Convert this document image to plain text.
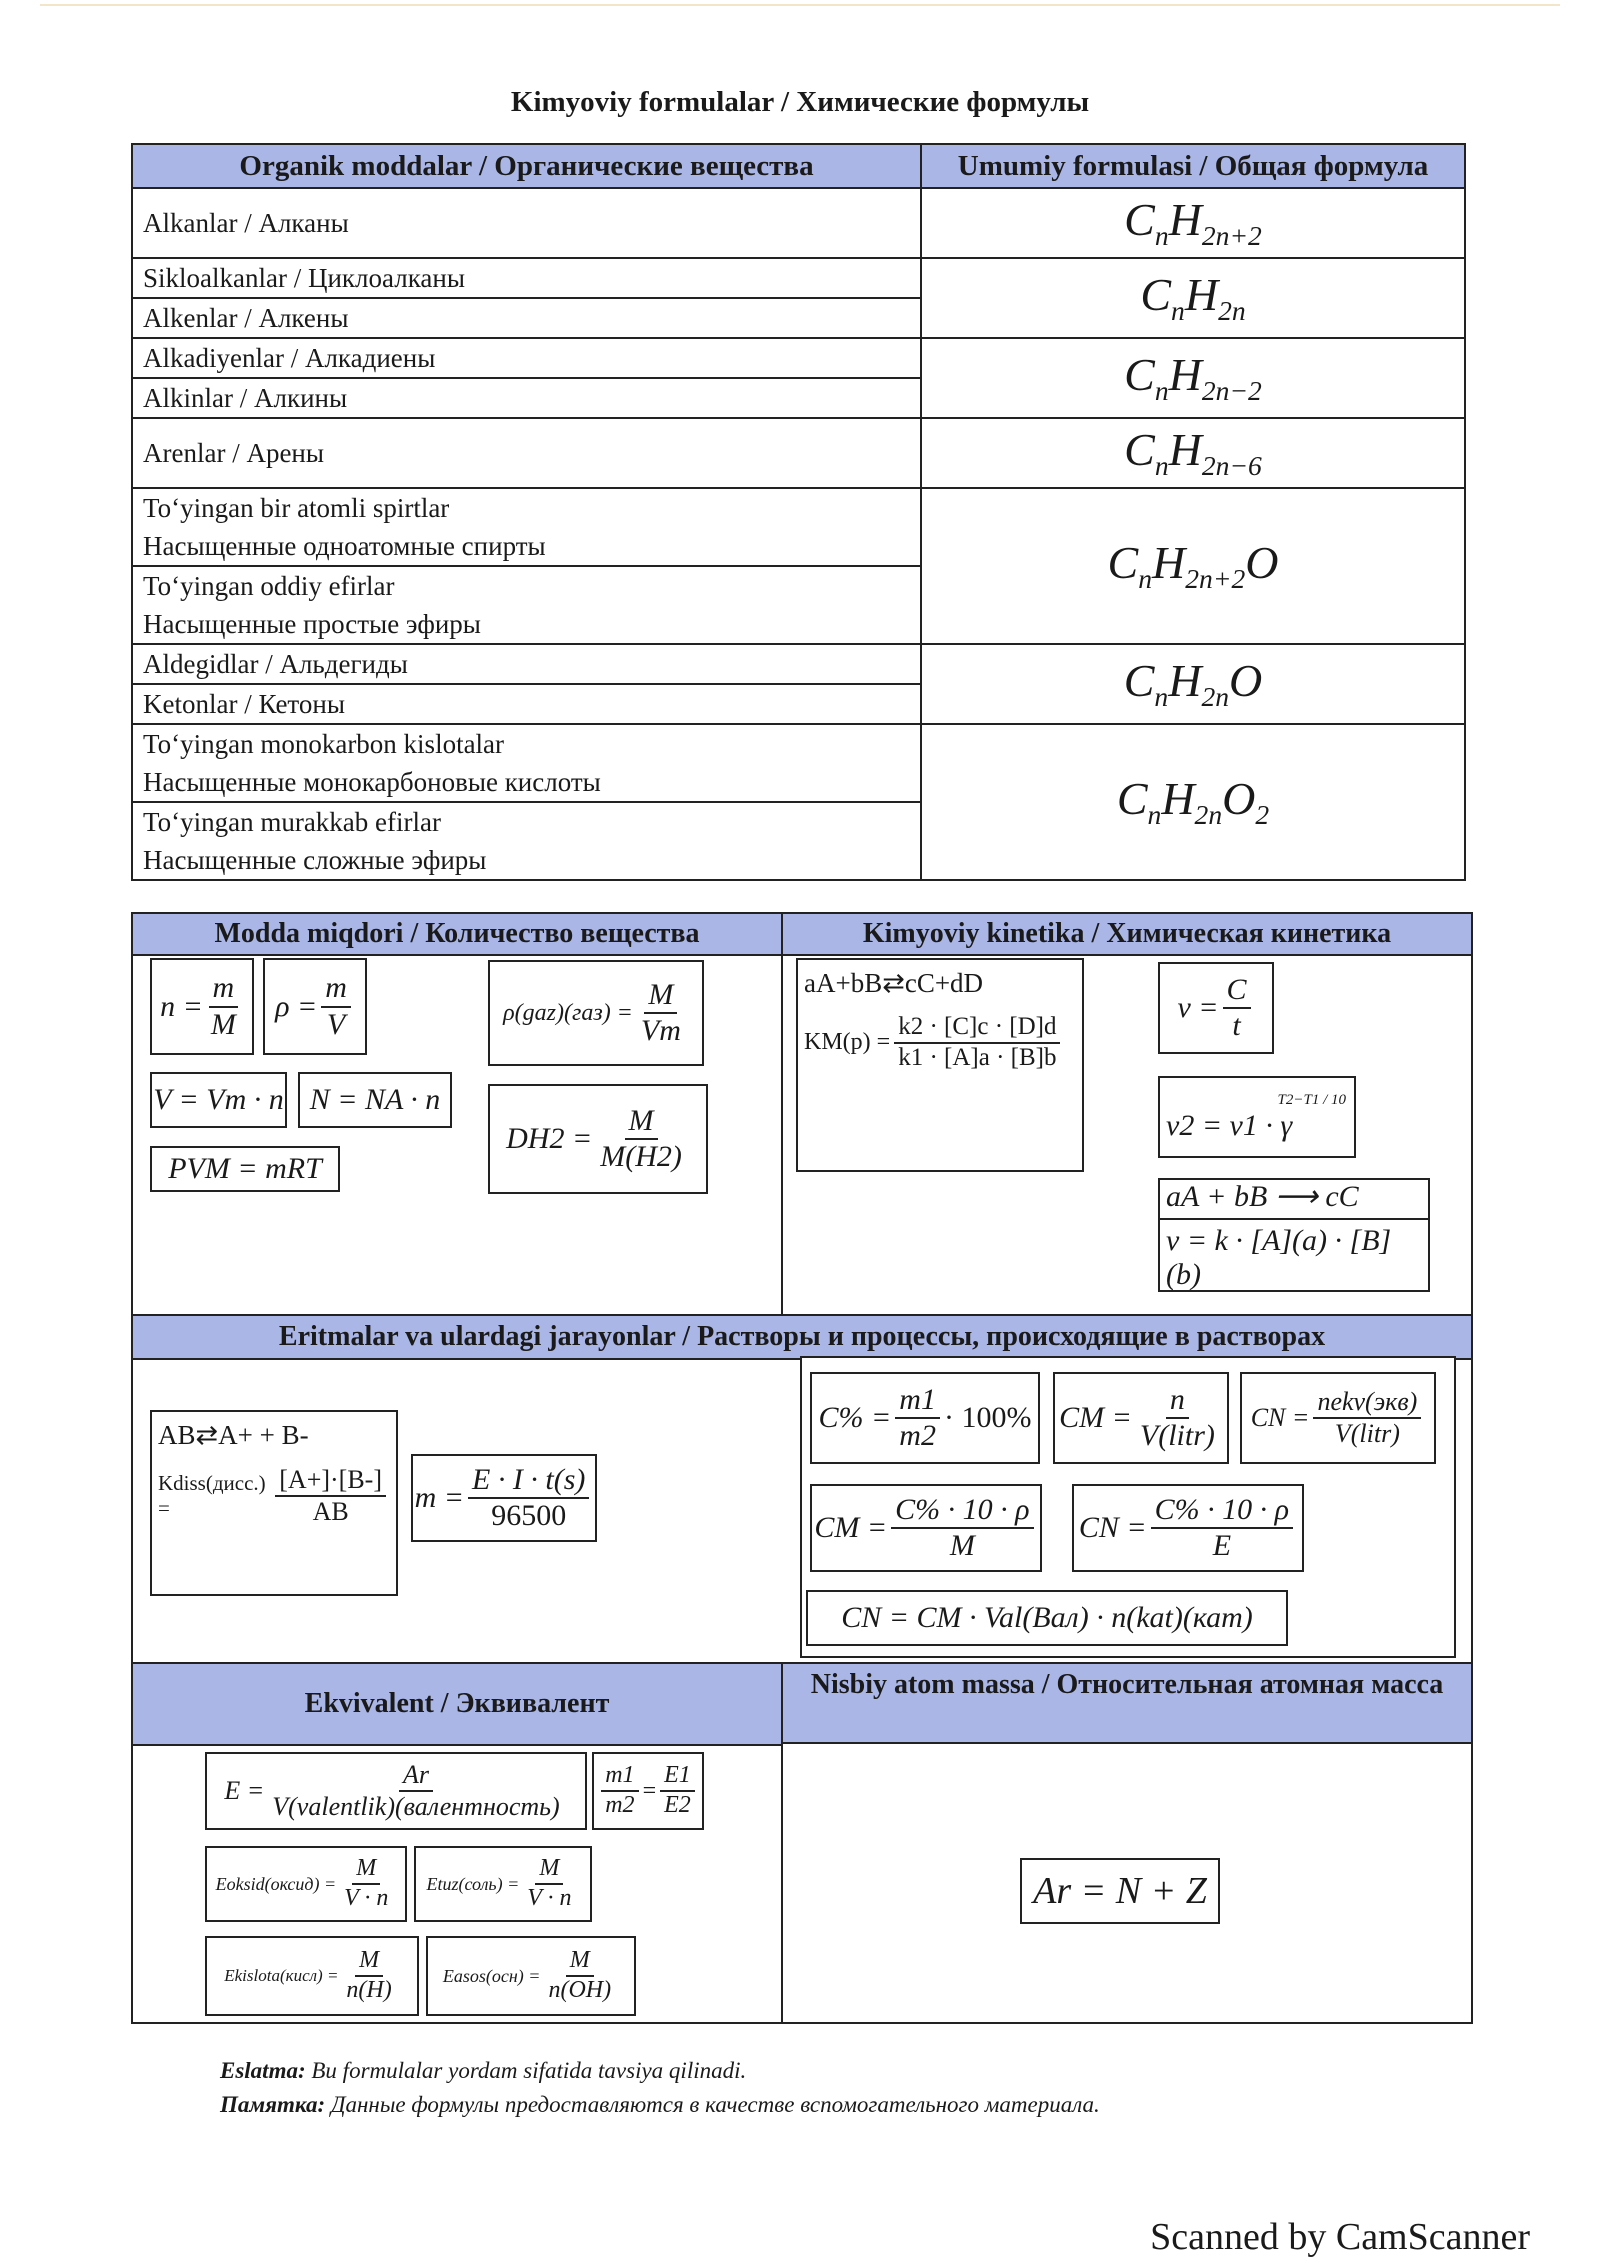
Kimyoviy formulalar / Химические формулы
Organik moddalar / Органические вещества	Umumiy formulasi / Общая формула
Alkanlar / Алканы	$C_nH_{2n+2}$

Sikloalkanlar / Циклоалканы
Alkenlar / Алкены	$C_nH_{2n}$

Alkadiyenlar / Алкадиены
Alkinlar / Алкины	$C_nH_{2n-2}$
Arenlar / Арены	$C_nH_{2n-6}$

To‘yingan bir atomli spirtlar
Насыщенные одноатомные спирты
To‘yingan oddiy efirlar
Насыщенные простые эфиры	$C_nH_{2n+2}O$

Aldegidlar / Альдегиды
Ketonlar / Кетоны	$C_nH_{2n}O$

To‘yingan monokarbon kislotalar
Насыщенные монокарбоновые кислоты
To‘yingan murakkab efirlar
Насыщенные сложные эфиры	$C_nH_{2n}O_2$
Modda miqdori / Количество вещества	Kimyoviy kinetika / Химическая кинетика
$n = \frac{m}{M}$ $\rho = \frac{m}{V}$	$\rho(gaz)(газ) = \frac{M}{Vm}$
V = Vm · n N = NA · n
PVM = mRT
$DH2 = \frac{M}{M(H2)}$
aA+bB⇄cC+dD
$KM(p) = \frac{k2 \cdot [C]c \cdot [D]d}{k1 \cdot [A]a \cdot [B]b}$
$v = \frac{C}{t}$
T2−T1 / 10
v2 = v1 · γ
aA + bB ⟶ cC
v = k · [A](a) · [B](b)
Eritmalar va ulardagi jarayonlar / Растворы и процессы, происходящие в растворах
AB⇄A+ + B-
Kdiss(дисс.) =	$\frac{[A+]\cdot[B-]}{AB}$ $m = \frac{E \cdot I \cdot t(s)}{96500}$
$C\% = \frac{m1}{m2} \cdot 100\%$ CM = $\frac{n}{\text{V(litr)}}$ CN = $\frac{\text{nekv(экв)}}{\text{V(litr)}}$
CM = $\frac{C\% \cdot 10 \cdot \rho}{M}$ CN = $\frac{C\% \cdot 10 \cdot \rho}{E}$
CN = CM · Val(Вал) · n(kat)(кат)
Ekvivalent / Эквивалент
Nisbiy atom massa / Относительная атомная масса
$E = \frac{Ar}{\text{V(valentlik)(валентность)}} \frac{m1}{m2} = \frac{E1}{E2}$
Eoksid(оксид) = $\frac{M}{V \cdot n}$ Etuz(соль) = $\frac{M}{V \cdot n}$
Ekislota(кисл) = $\frac{M}{n(H)}$	Easos(осн) = $\frac{M}{n(OH)}$
Ar = N + Z
Eslatma: Bu formulalar yordam sifatida tavsiya qilinadi.
Памятка: Данные формулы предоставляются в качестве вспомогательного материала.
Scanned by CamScanner
